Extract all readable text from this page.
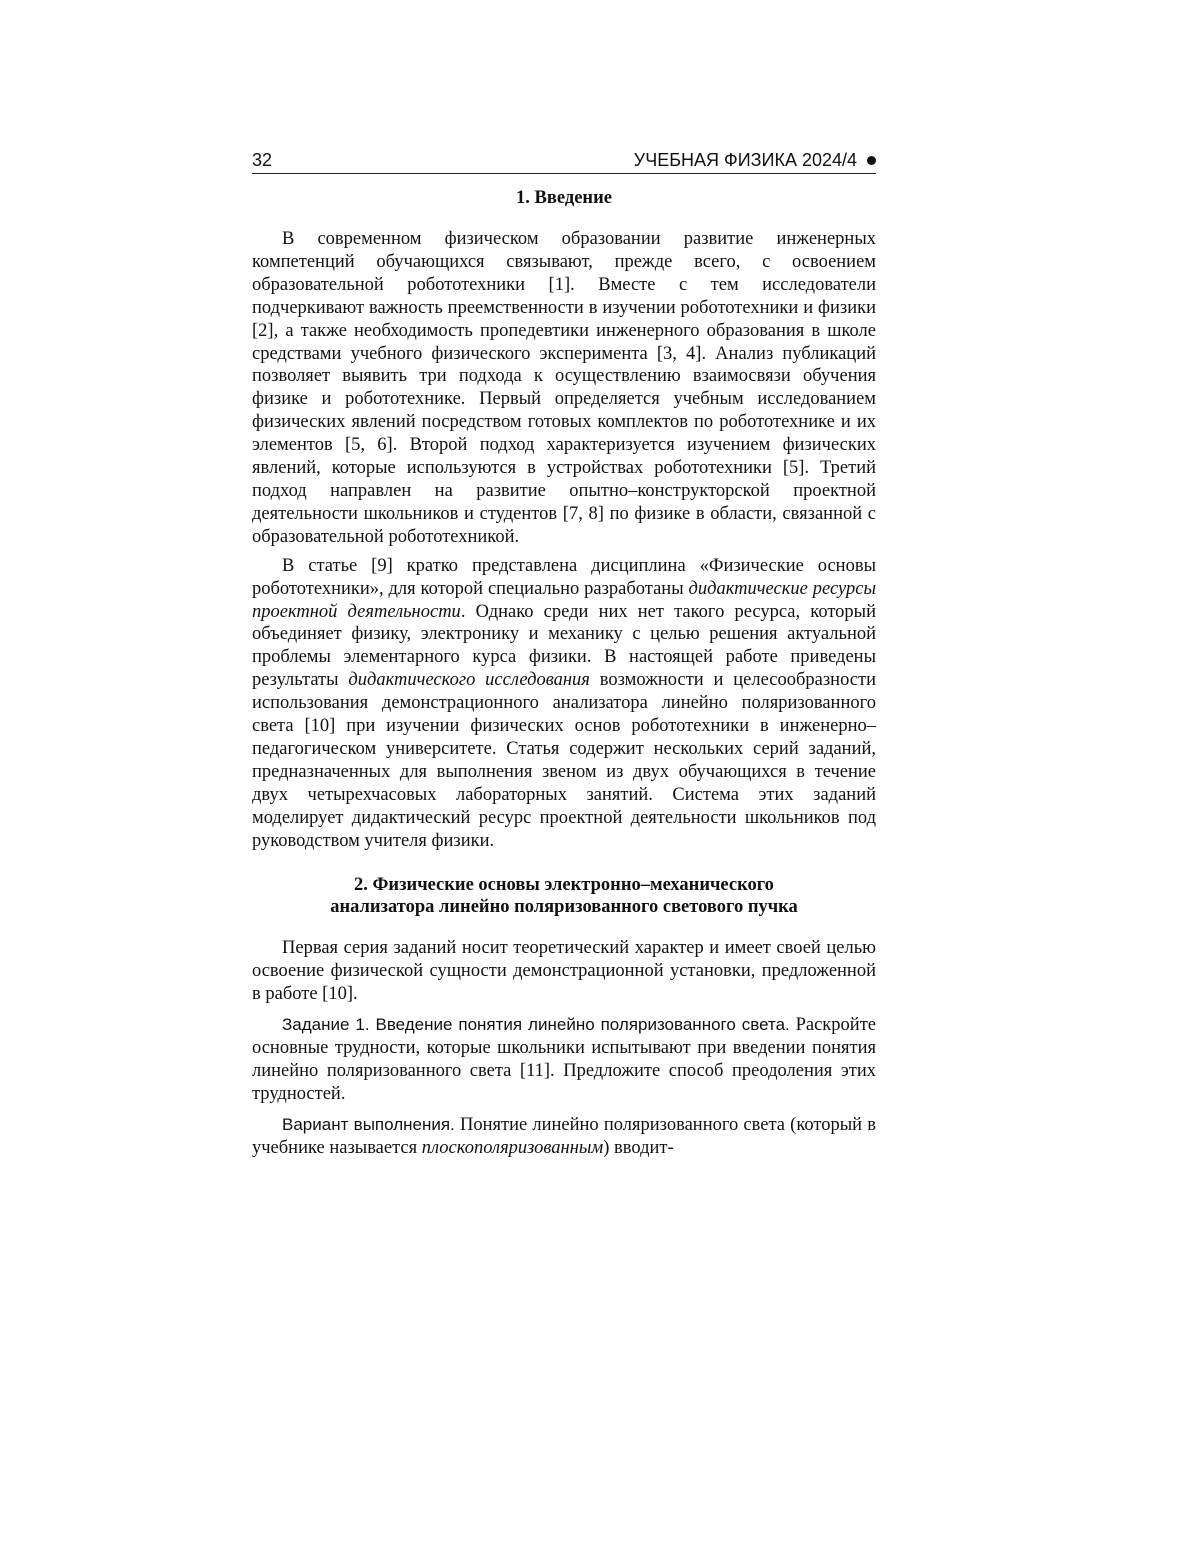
32	УЧЕБНАЯ ФИЗИКА 2024/4
1. Введение

В современном физическом образовании развитие инженерных компетенций обучающихся связывают, прежде всего, с освоением образовательной робототехники [1]. Вместе с тем исследователи подчеркивают важность преемственности в изучении робототехники и физики [2], а также необходимость пропедевтики инженерного образования в школе средствами учебного физического эксперимента [3, 4]. Анализ публикаций позволяет выявить три подхода к осуществлению взаимосвязи обучения физике и робототехнике. Первый определяется учебным исследованием физических явлений посредством готовых комплектов по робототехнике и их элементов [5, 6]. Второй подход характеризуется изучением физических явлений, которые используются в устройствах робототехники [5]. Третий подход направлен на развитие опытно–конструкторской проектной деятельности школьников и студентов [7, 8] по физике в области, связанной с образовательной робототехникой.

В статье [9] кратко представлена дисциплина «Физические основы робототехники», для которой специально разработаны дидактические ресурсы проектной деятельности. Однако среди них нет такого ресурса, который объединяет физику, электронику и механику с целью решения актуальной проблемы элементарного курса физики. В настоящей работе приведены результаты дидактического исследования возможности и целесообразности использования демонстрационного анализатора линейно поляризованного света [10] при изучении физических основ робототехники в инженерно–педагогическом университете. Статья содержит нескольких серий заданий, предназначенных для выполнения звеном из двух обучающихся в течение двух четырехчасовых лабораторных занятий. Система этих заданий моделирует дидактический ресурс проектной деятельности школьников под руководством учителя физики.

2. Физические основы электронно–механического
анализатора линейно поляризованного светового пучка

Первая серия заданий носит теоретический характер и имеет своей целью освоение физической сущности демонстрационной установки, предложенной в работе [10].

Задание 1. Введение понятия линейно поляризованного света. Раскройте основные трудности, которые школьники испытывают при введении понятия линейно поляризованного света [11]. Предложите способ преодоления этих трудностей.

Вариант выполнения. Понятие линейно поляризованного света (который в учебнике называется плоскополяризованным) вводит-
